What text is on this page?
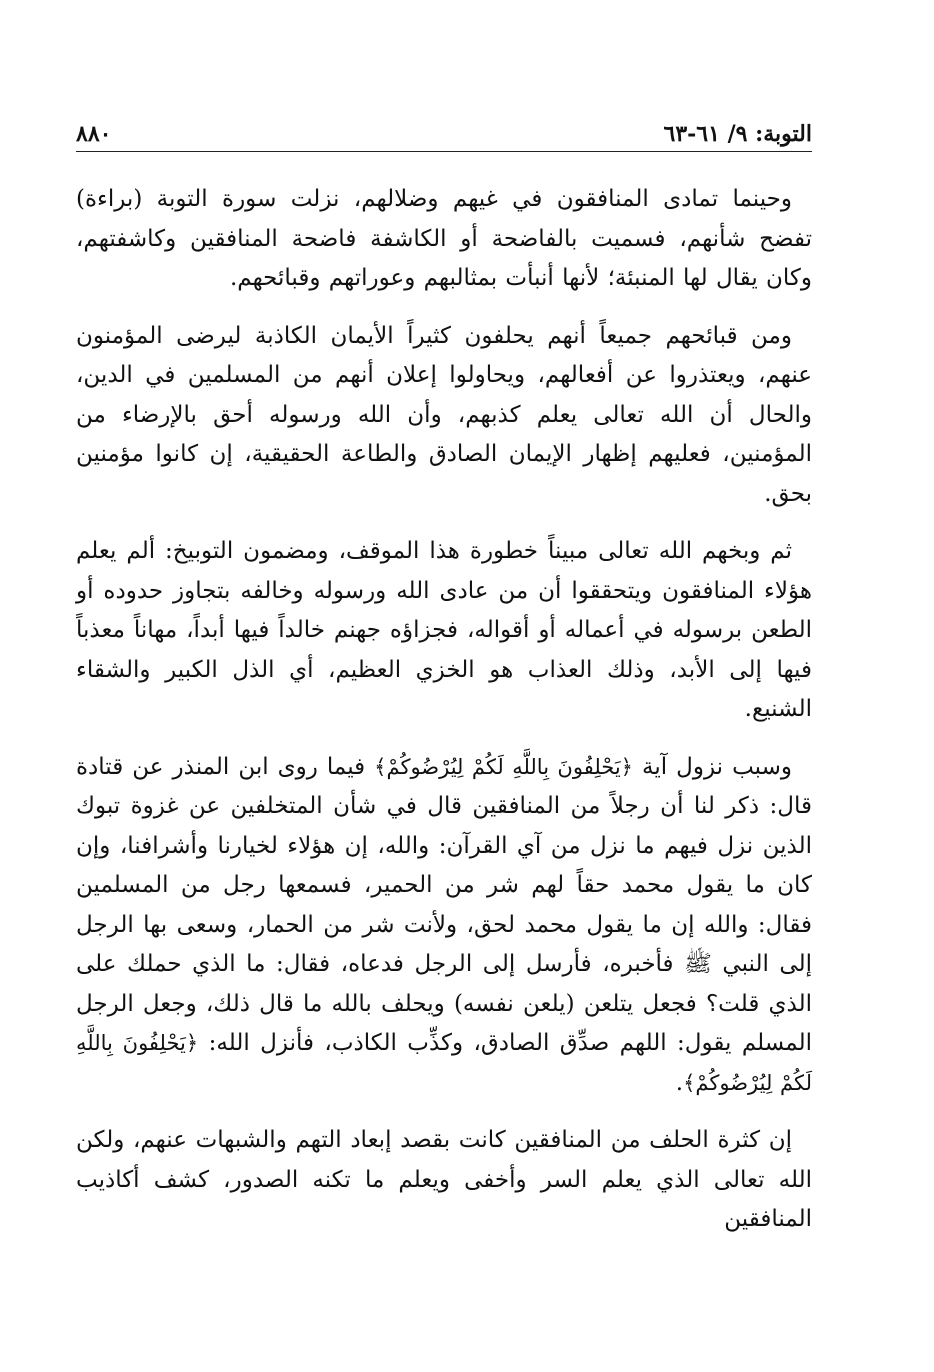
التوبة: ٩/ ٦١-٦٣
٨٨٠

وحينما تمادى المنافقون في غيهم وضلالهم، نزلت سورة التوبة (براءة) تفضح شأنهم، فسميت بالفاضحة أو الكاشفة فاضحة المنافقين وكاشفتهم، وكان يقال لها المنبئة؛ لأنها أنبأت بمثالبهم وعوراتهم وقبائحهم.

ومن قبائحهم جميعاً أنهم يحلفون كثيراً الأيمان الكاذبة ليرضى المؤمنون عنهم، ويعتذروا عن أفعالهم، ويحاولوا إعلان أنهم من المسلمين في الدين، والحال أن الله تعالى يعلم كذبهم، وأن الله ورسوله أحق بالإرضاء من المؤمنين، فعليهم إظهار الإيمان الصادق والطاعة الحقيقية، إن كانوا مؤمنين بحق.

ثم وبخهم الله تعالى مبيناً خطورة هذا الموقف، ومضمون التوبيخ: ألم يعلم هؤلاء المنافقون ويتحققوا أن من عادى الله ورسوله وخالفه بتجاوز حدوده أو الطعن برسوله في أعماله أو أقواله، فجزاؤه جهنم خالداً فيها أبداً، مهاناً معذباً فيها إلى الأبد، وذلك العذاب هو الخزي العظيم، أي الذل الكبير والشقاء الشنيع.

وسبب نزول آية ﴿يَحْلِفُونَ بِاللَّهِ لَكُمْ لِيُرْضُوكُمْ﴾ فيما روى ابن المنذر عن قتادة قال: ذكر لنا أن رجلاً من المنافقين قال في شأن المتخلفين عن غزوة تبوك الذين نزل فيهم ما نزل من آي القرآن: والله، إن هؤلاء لخيارنا وأشرافنا، وإن كان ما يقول محمد حقاً لهم شر من الحمير، فسمعها رجل من المسلمين فقال: والله إن ما يقول محمد لحق، ولأنت شر من الحمار، وسعى بها الرجل إلى النبي ﷺ فأخبره، فأرسل إلى الرجل فدعاه، فقال: ما الذي حملك على الذي قلت؟ فجعل يتلعن (يلعن نفسه) ويحلف بالله ما قال ذلك، وجعل الرجل المسلم يقول: اللهم صدِّق الصادق، وكذِّب الكاذب، فأنزل الله: ﴿يَحْلِفُونَ بِاللَّهِ لَكُمْ لِيُرْضُوكُمْ﴾.

إن كثرة الحلف من المنافقين كانت بقصد إبعاد التهم والشبهات عنهم، ولكن الله تعالى الذي يعلم السر وأخفى ويعلم ما تكنه الصدور، كشف أكاذيب المنافقين
